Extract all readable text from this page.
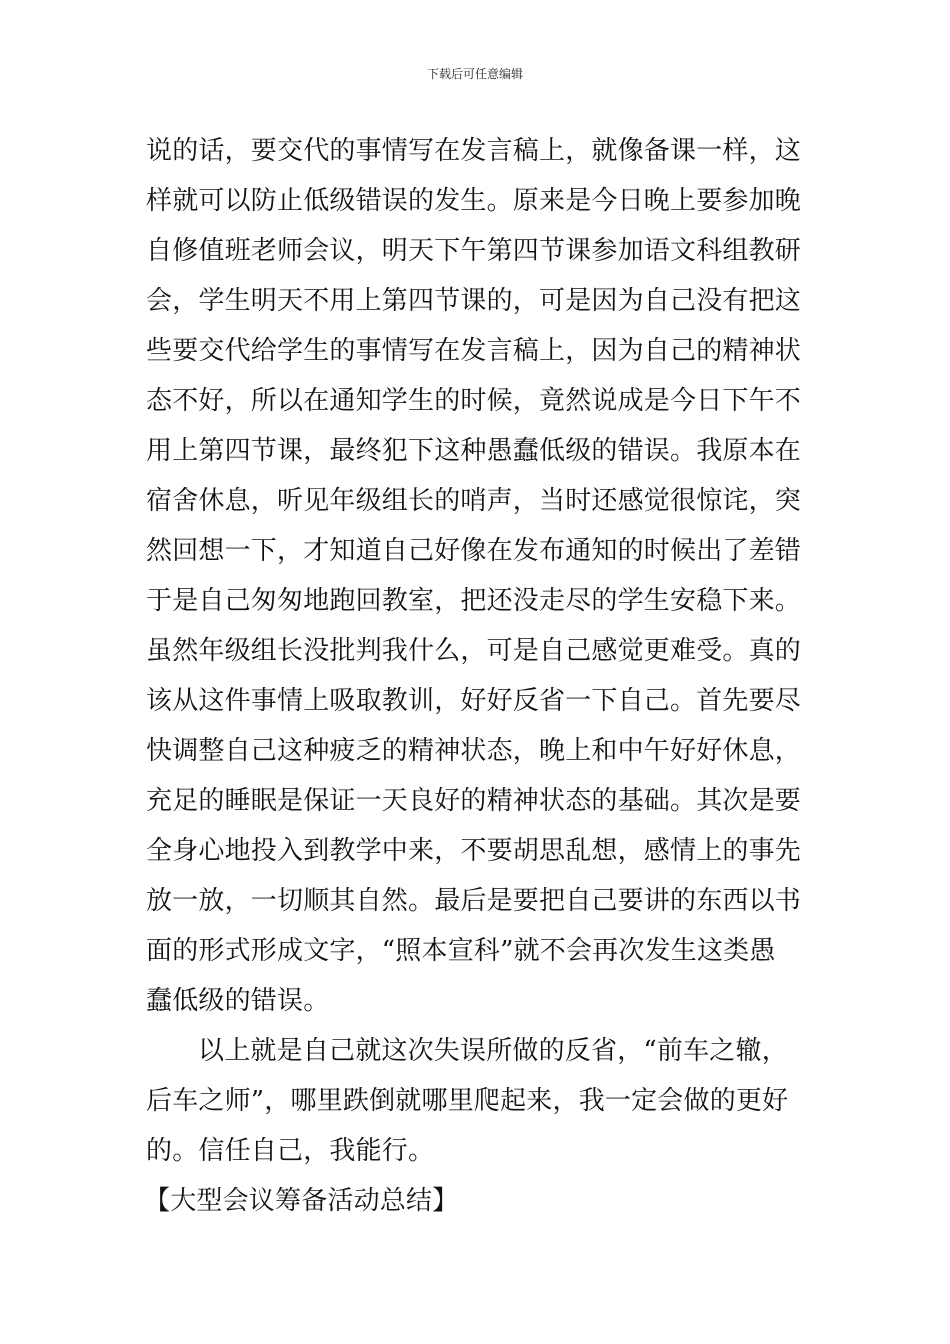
下载后可任意编辑
说的话，要交代的事情写在发言稿上，就像备课一样，这
样就可以防止低级错误的发生。原来是今日晚上要参加晚
自修值班老师会议，明天下午第四节课参加语文科组教研
会，学生明天不用上第四节课的，可是因为自己没有把这
些要交代给学生的事情写在发言稿上，因为自己的精神状
态不好，所以在通知学生的时候，竟然说成是今日下午不
用上第四节课，最终犯下这种愚蠢低级的错误。我原本在
宿舍休息，听见年级组长的哨声，当时还感觉很惊诧，突
然回想一下，才知道自己好像在发布通知的时候出了差错
于是自己匆匆地跑回教室，把还没走尽的学生安稳下来。
虽然年级组长没批判我什么，可是自己感觉更难受。真的
该从这件事情上吸取教训，好好反省一下自己。首先要尽
快调整自己这种疲乏的精神状态，晚上和中午好好休息，
充足的睡眠是保证一天良好的精神状态的基础。其次是要
全身心地投入到教学中来，不要胡思乱想，感情上的事先
放一放，一切顺其自然。最后是要把自己要讲的东西以书
面的形式形成文字，“照本宣科”就不会再次发生这类愚
蠢低级的错误。
以上就是自己就这次失误所做的反省，“前车之辙，
后车之师”，哪里跌倒就哪里爬起来，我一定会做的更好
的。信任自己，我能行。
【大型会议筹备活动总结】
